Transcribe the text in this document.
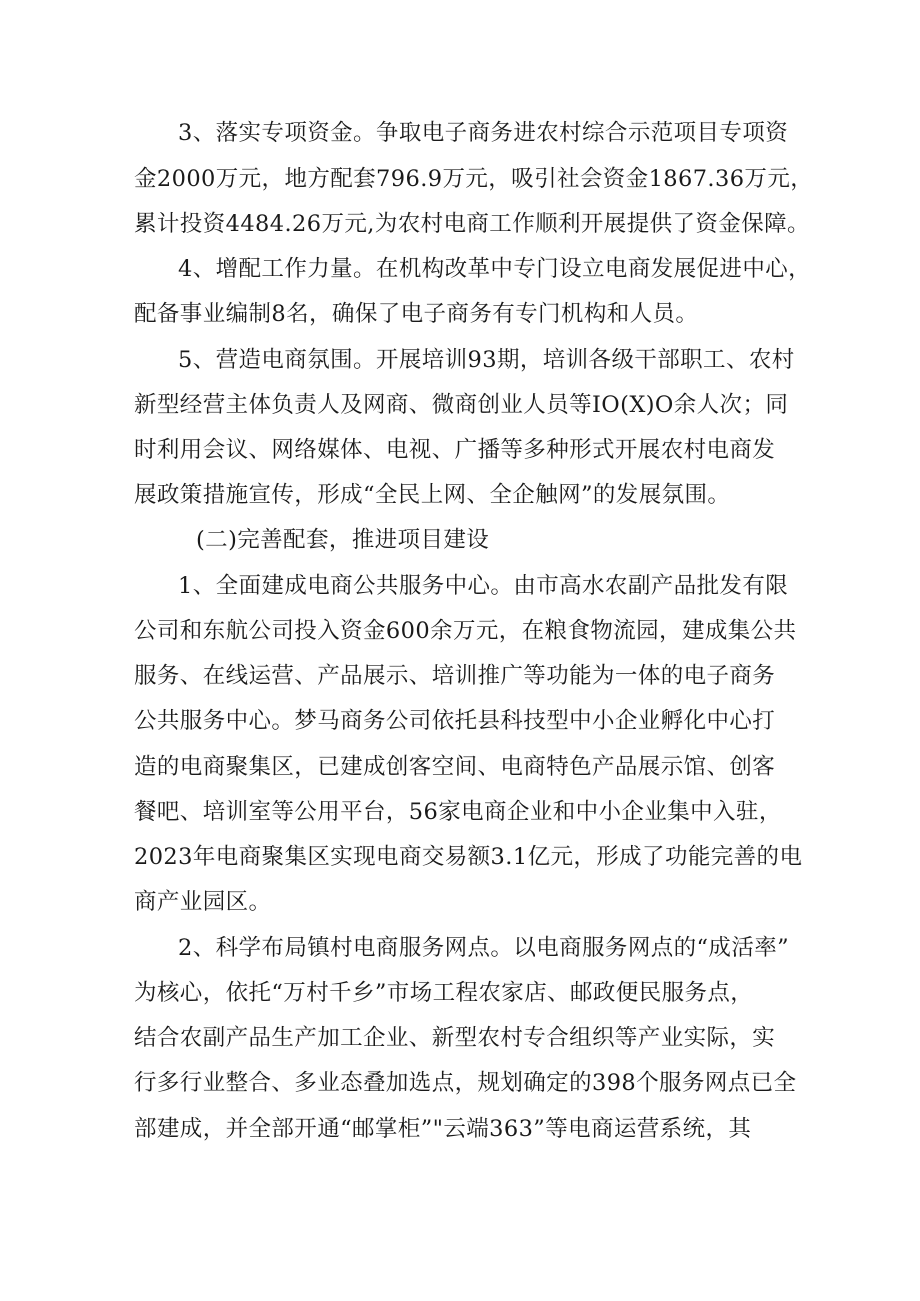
3、落实专项资金。争取电子商务进农村综合示范项目专项资
金2000万元，地方配套796.9万元，吸引社会资金1867.36万元，
累计投资4484.26万元,为农村电商工作顺利开展提供了资金保障。
4、增配工作力量。在机构改革中专门设立电商发展促进中心，
配备事业编制8名，确保了电子商务有专门机构和人员。
5、营造电商氛围。开展培训93期，培训各级干部职工、农村
新型经营主体负责人及网商、微商创业人员等IO(X)O余人次；同
时利用会议、网络媒体、电视、广播等多种形式开展农村电商发
展政策措施宣传，形成“全民上网、全企触网”的发展氛围。
(二)完善配套，推进项目建设
1、全面建成电商公共服务中心。由市高水农副产品批发有限
公司和东航公司投入资金600余万元，在粮食物流园，建成集公共
服务、在线运营、产品展示、培训推广等功能为一体的电子商务
公共服务中心。梦马商务公司依托县科技型中小企业孵化中心打
造的电商聚集区，已建成创客空间、电商特色产品展示馆、创客
餐吧、培训室等公用平台，56家电商企业和中小企业集中入驻，
2023年电商聚集区实现电商交易额3.1亿元，形成了功能完善的电
商产业园区。
2、科学布局镇村电商服务网点。以电商服务网点的“成活率”
为核心，依托“万村千乡”市场工程农家店、邮政便民服务点，
结合农副产品生产加工企业、新型农村专合组织等产业实际，实
行多行业整合、多业态叠加选点，规划确定的398个服务网点已全
部建成，并全部开通“邮掌柜”"云端363”等电商运营系统，其
